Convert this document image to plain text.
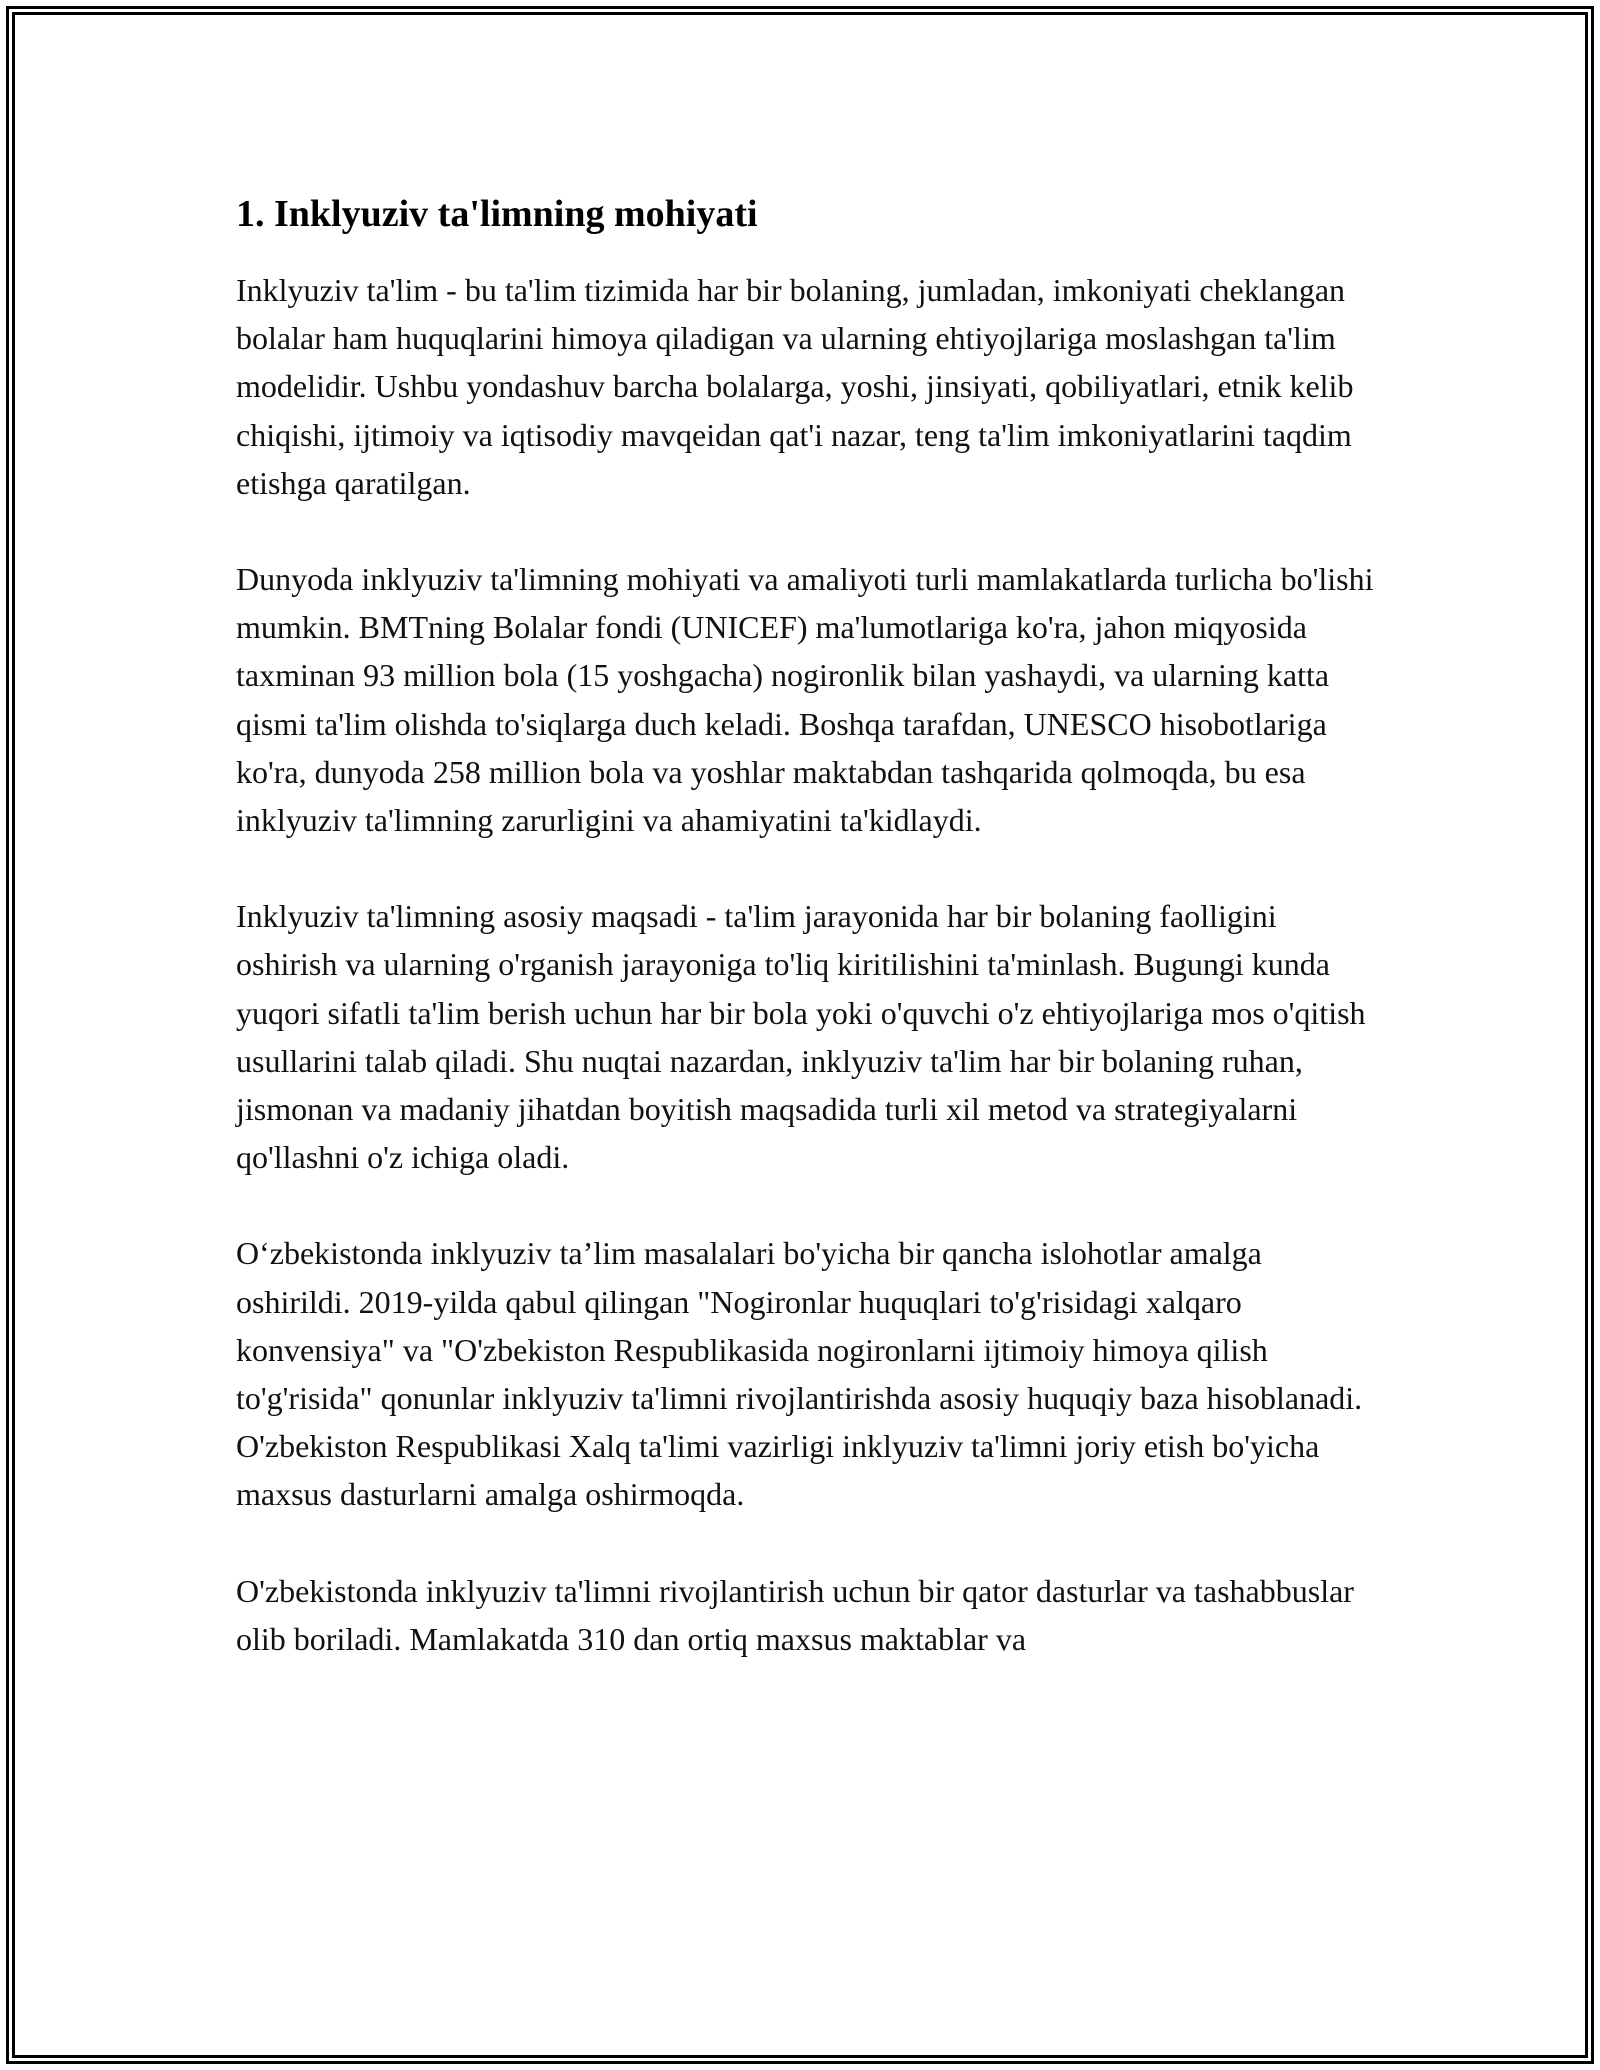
1. Inklyuziv ta'limning mohiyati

Inklyuziv ta'lim - bu ta'lim tizimida har bir bolaning, jumladan, imkoniyati cheklangan bolalar ham huquqlarini himoya qiladigan va ularning ehtiyojlariga moslashgan ta'lim modelidir. Ushbu yondashuv barcha bolalarga, yoshi, jinsiyati, qobiliyatlari, etnik kelib chiqishi, ijtimoiy va iqtisodiy mavqeidan qat'i nazar, teng ta'lim imkoniyatlarini taqdim etishga qaratilgan.

Dunyoda inklyuziv ta'limning mohiyati va amaliyoti turli mamlakatlarda turlicha bo'lishi mumkin. BMTning Bolalar fondi (UNICEF) ma'lumotlariga ko'ra, jahon miqyosida taxminan 93 million bola (15 yoshgacha) nogironlik bilan yashaydi, va ularning katta qismi ta'lim olishda to'siqlarga duch keladi. Boshqa tarafdan, UNESCO hisobotlariga ko'ra, dunyoda 258 million bola va yoshlar maktabdan tashqarida qolmoqda, bu esa inklyuziv ta'limning zarurligini va ahamiyatini ta'kidlaydi.

Inklyuziv ta'limning asosiy maqsadi - ta'lim jarayonida har bir bolaning faolligini oshirish va ularning o'rganish jarayoniga to'liq kiritilishini ta'minlash. Bugungi kunda yuqori sifatli ta'lim berish uchun har bir bola yoki o'quvchi o'z ehtiyojlariga mos o'qitish usullarini talab qiladi. Shu nuqtai nazardan, inklyuziv ta'lim har bir bolaning ruhan, jismonan va madaniy jihatdan boyitish maqsadida turli xil metod va strategiyalarni qo'llashni o'z ichiga oladi.

O‘zbekistonda inklyuziv ta’lim masalalari bo'yicha bir qancha islohotlar amalga oshirildi. 2019-yilda qabul qilingan "Nogironlar huquqlari to'g'risidagi xalqaro konvensiya" va "O'zbekiston Respublikasida nogironlarni ijtimoiy himoya qilish to'g'risida" qonunlar inklyuziv ta'limni rivojlantirishda asosiy huquqiy baza hisoblanadi. O'zbekiston Respublikasi Xalq ta'limi vazirligi inklyuziv ta'limni joriy etish bo'yicha maxsus dasturlarni amalga oshirmoqda.

O'zbekistonda inklyuziv ta'limni rivojlantirish uchun bir qator dasturlar va tashabbuslar olib boriladi. Mamlakatda 310 dan ortiq maxsus maktablar va
